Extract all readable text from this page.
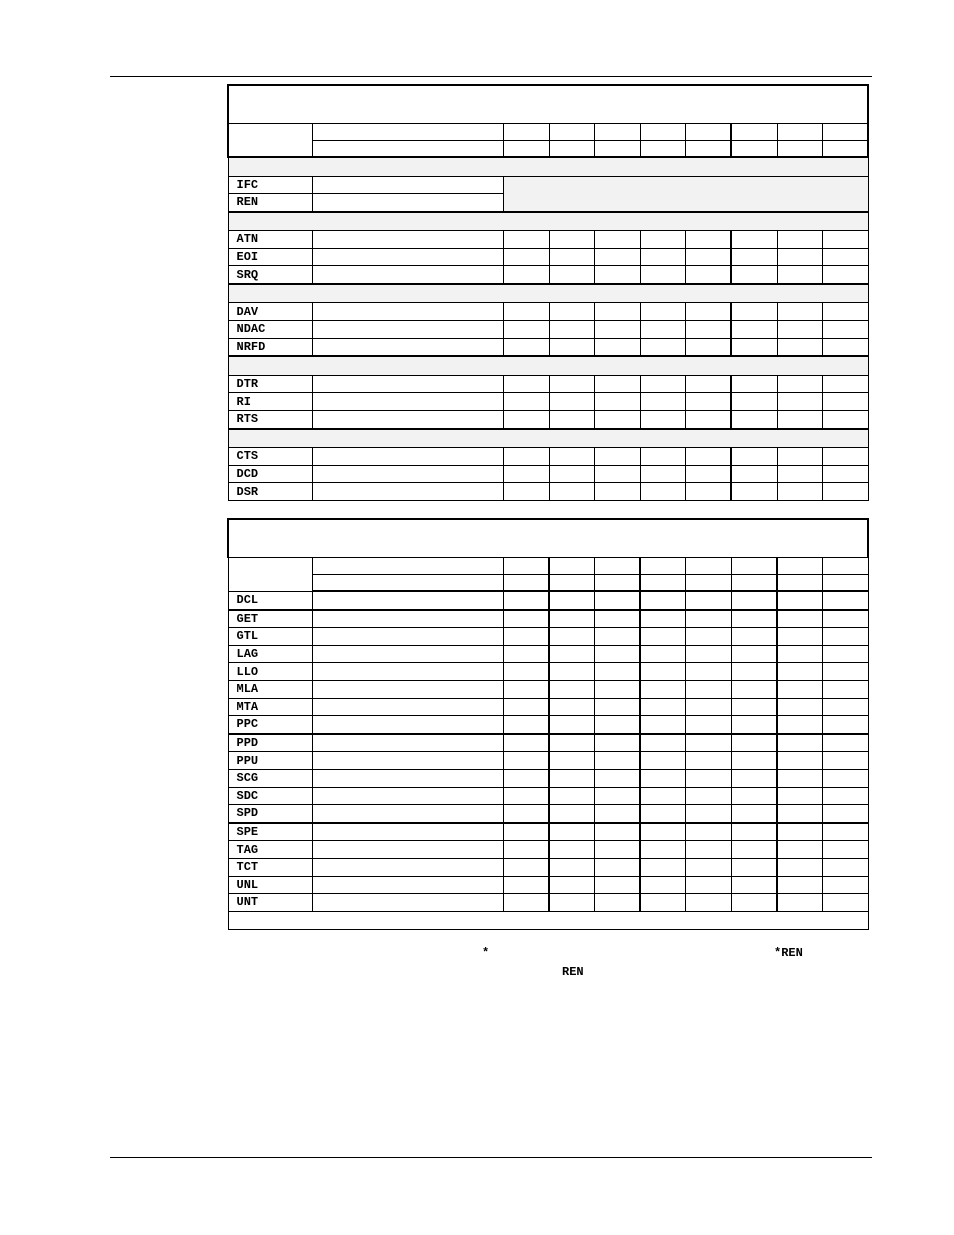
IFC									
REN									

ATN									
EOI									
SRQ									

DAV									
NDAC									
NRFD									

DTR									
RI									
RTS									

CTS									
DCD									
DSR									

DCL									
GET									
GTL									
LAG									
LLO									
MLA									
MTA									
PPC									
PPD									
PPU									
SCG									
SDC									
SPD									
SPE									
TAG									
TCT									
UNL									
UNT									

*	*REN
REN
